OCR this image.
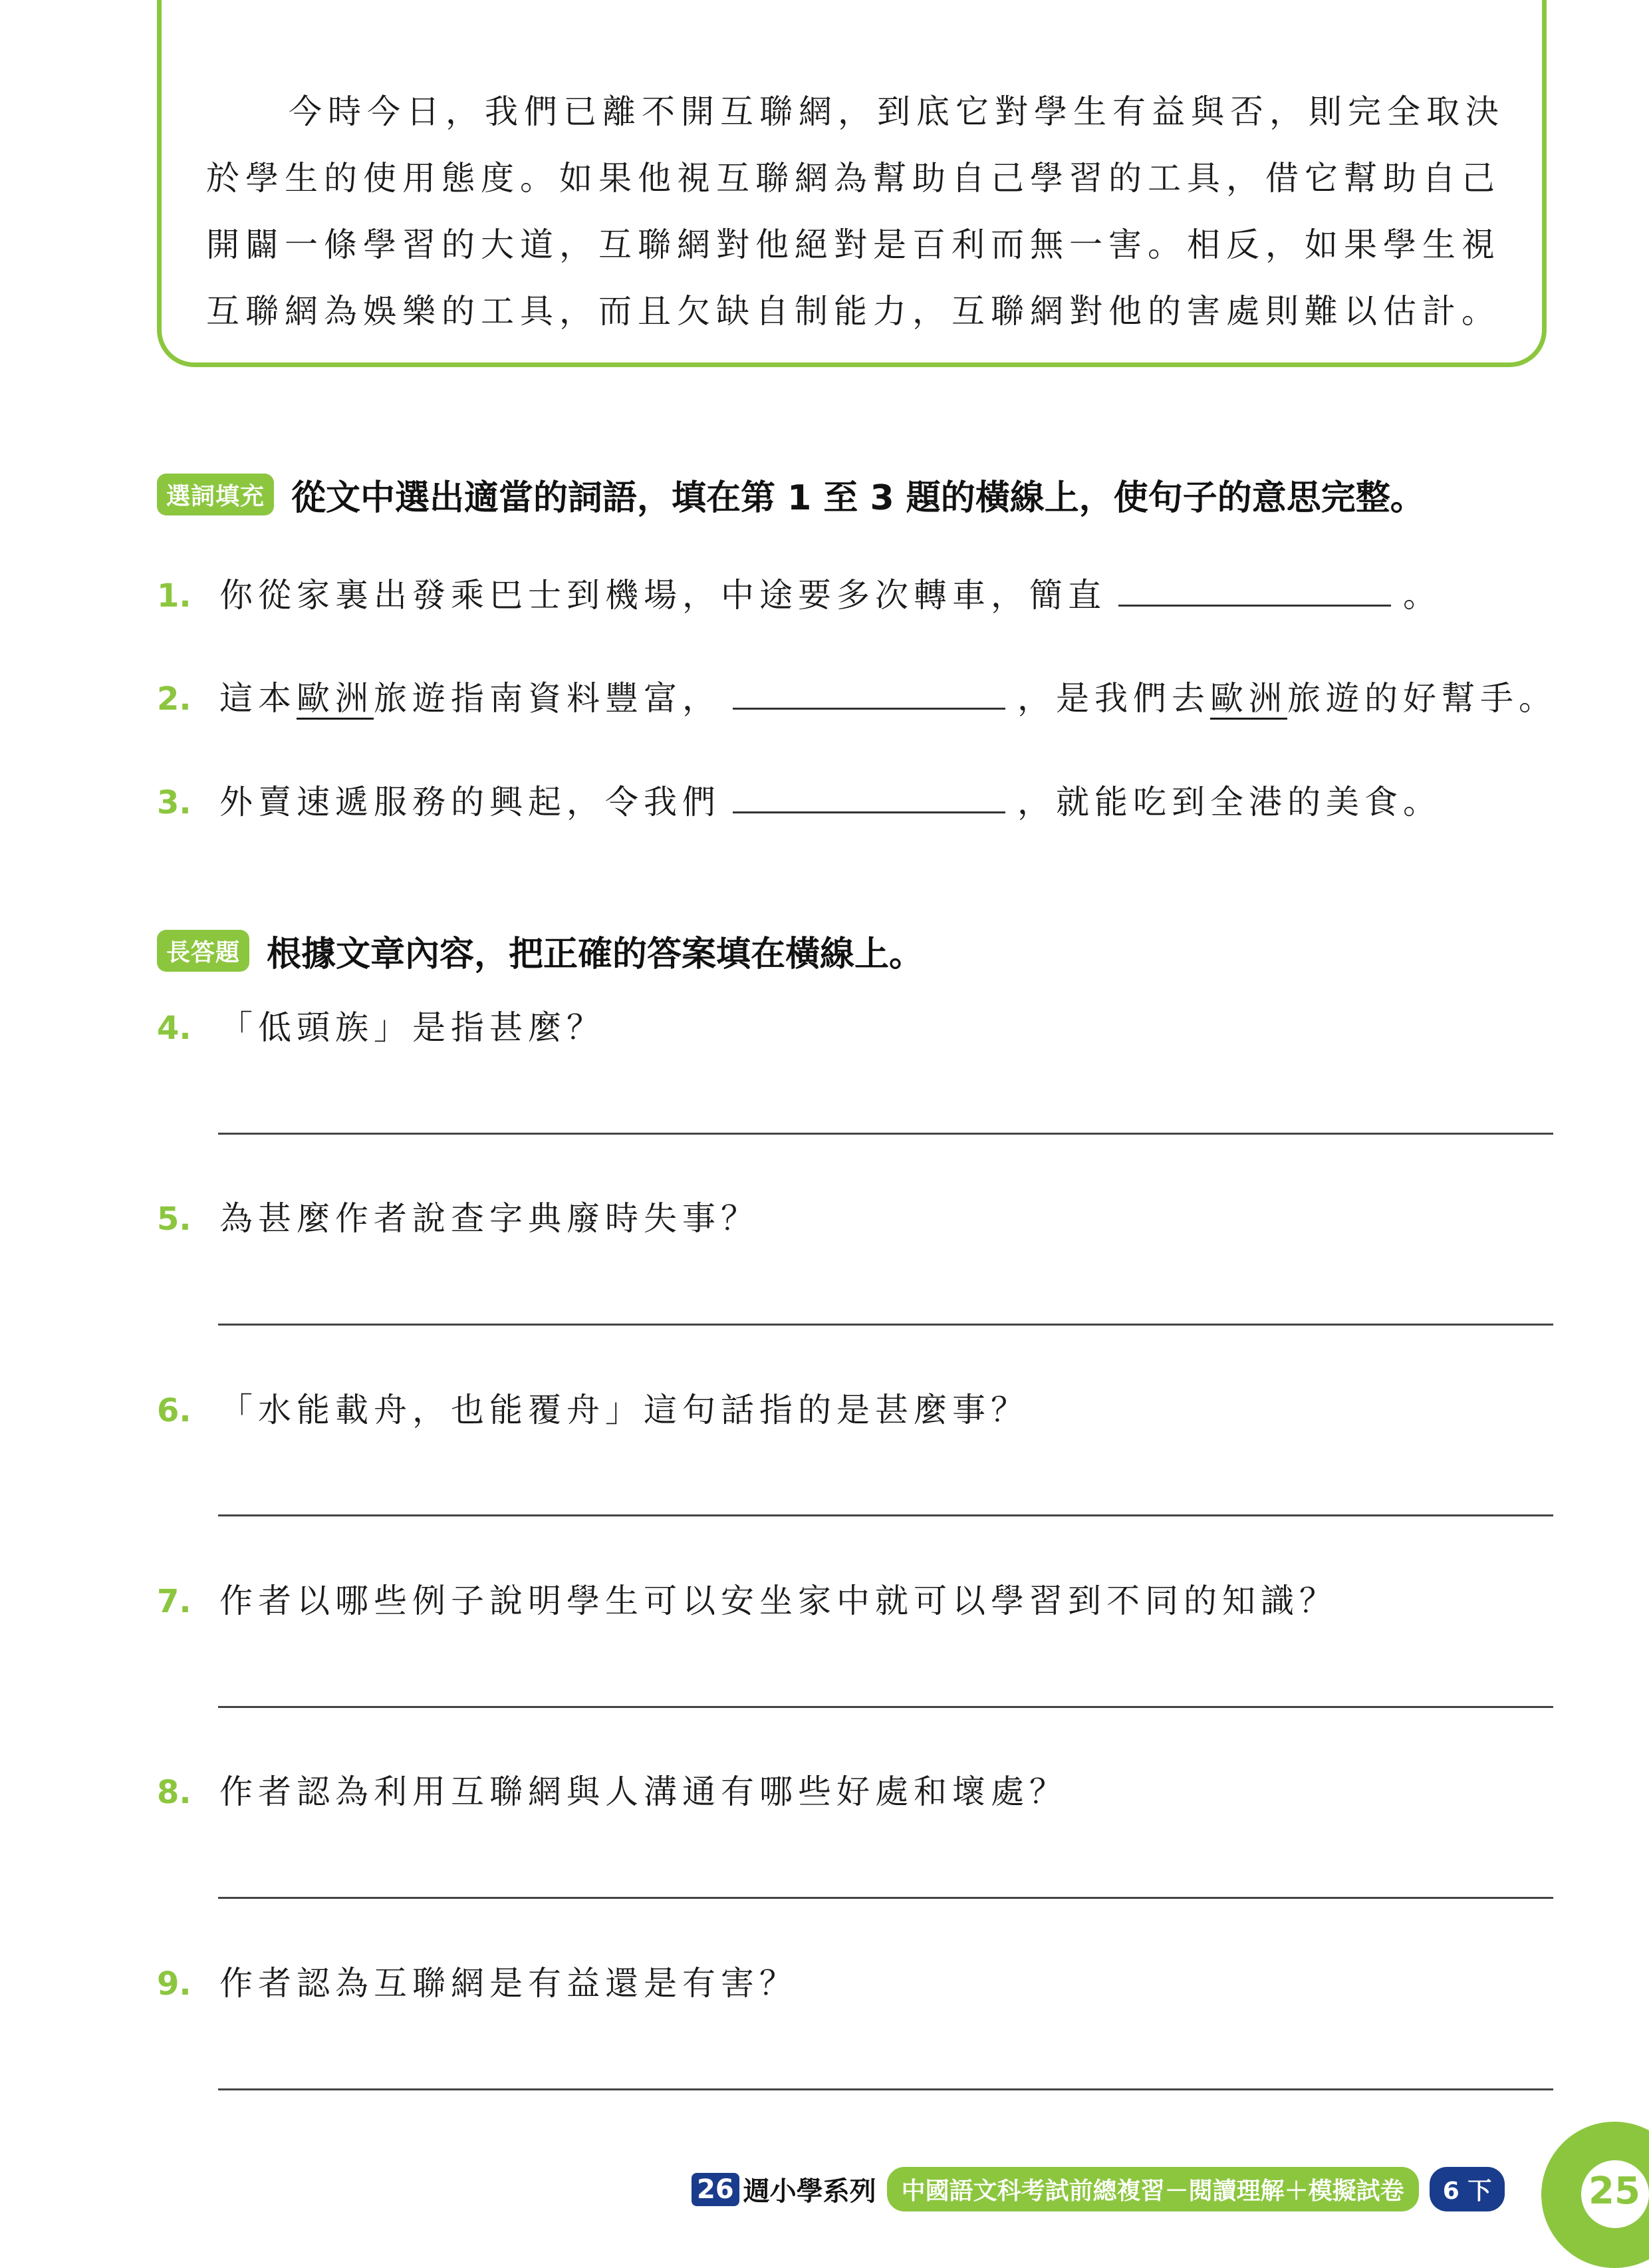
今時今日，我們已離不開互聯網，到底它對學生有益與否，則完全取決

於學生的使用態度。如果他視互聯網為幫助自己學習的工具，借它幫助自己

開闢一條學習的大道，互聯網對他絕對是百利而無一害。相反，如果學生視

互聯網為娛樂的工具，而且欠缺自制能力，互聯網對他的害處則難以估計。

選詞填充 從文中選出適當的詞語，填在第 1 至 3 題的橫線上，使句子的意思完整。
1. 你從家裏出發乘巴士到機場，中途要多次轉車，簡直	。
2. 這本歐洲旅遊指南資料豐富，	，是我們去歐洲旅遊的好幫手。
3. 外賣速遞服務的興起，令我們	，就能吃到全港的美食。
長答題 根據文章內容，把正確的答案填在橫線上。
4. 「低頭族」是指甚麼？
5. 為甚麼作者說查字典廢時失事？
6. 「水能載舟，也能覆舟」這句話指的是甚麼事？
7. 作者以哪些例子說明學生可以安坐家中就可以學習到不同的知識？
8. 作者認為利用互聯網與人溝通有哪些好處和壞處？
9. 作者認為互聯網是有益還是有害？
26 週小學系列	中國語文科考試前總複習－閱讀理解＋模擬試卷	6 下	25
